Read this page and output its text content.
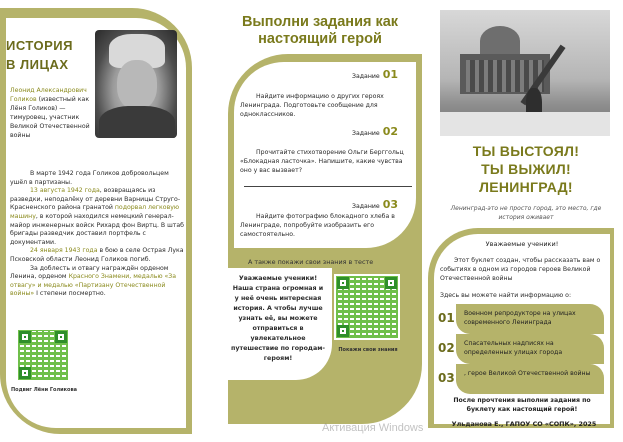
ИСТОРИЯ
В ЛИЦАХ
Леонид Александрович Голиков (известный как Лёня Голиков) — тимуровец, участник Великой Отечественной войны

В марте 1942 года Голиков добровольцем ушёл в партизаны.

13 августа 1942 года, возвращаясь из разведки, неподалёку от деревни Варницы Струго-Красненского района гранатой подорвал легковую машину, в которой находился немецкий генерал-майор инженерных войск Рихард фон Виртц. В штаб бригады разведчик доставил портфель с документами.

24 января 1943 года в бою в селе Острая Лука Псковской области Леонид Голиков погиб.

За доблесть и отвагу награждён орденом Ленина, орденом Красного Знамени, медалью «За отвагу» и медалью «Партизану Отечественной войны» I степени посмертно.

Подвиг Лёни Голикова
Выполни задания как настоящий герой
Задание 01
Найдите информацию о других героях Ленинграда. Подготовьте сообщение для одноклассников.
Задание 02
Прочитайте стихотворение Ольги Берггольц «Блокадная ласточка». Напишите, какие чувства оно у вас вызвает?
Задание 03
Найдите фотографию блокадного хлеба в Ленинграде, попробуйте изобразить его самостоятельно.
А также покажи свои знания в тесте
Уважаемые ученики! Наша страна огромная и у неё очень интересная история. А чтобы лучше узнать её, вы можете отправиться в увлекательное путешествие по городам-героям!
Покажи свои знания
ТЫ ВЫСТОЯЛ!
ТЫ ВЫЖИЛ!
ЛЕНИНГРАД!
Ленинград-это не просто город, это место, где история оживает
Уважаемые ученики!
Этот буклет создан, чтобы рассказать вам о событиях в одном из городов героев Великой Отечественной войны
Здесь вы можете найти информацию о:
01	Военном репродукторе на улицах современного Ленинграда
02	Спасательных надписях на определенных улицах города
03	, герое Великой Отечественной войны
После прочтения выполни задания по буклету как настоящий герой!
Ульданова Е., ГАПОУ СО «СОПК», 2025
Активация Windows
